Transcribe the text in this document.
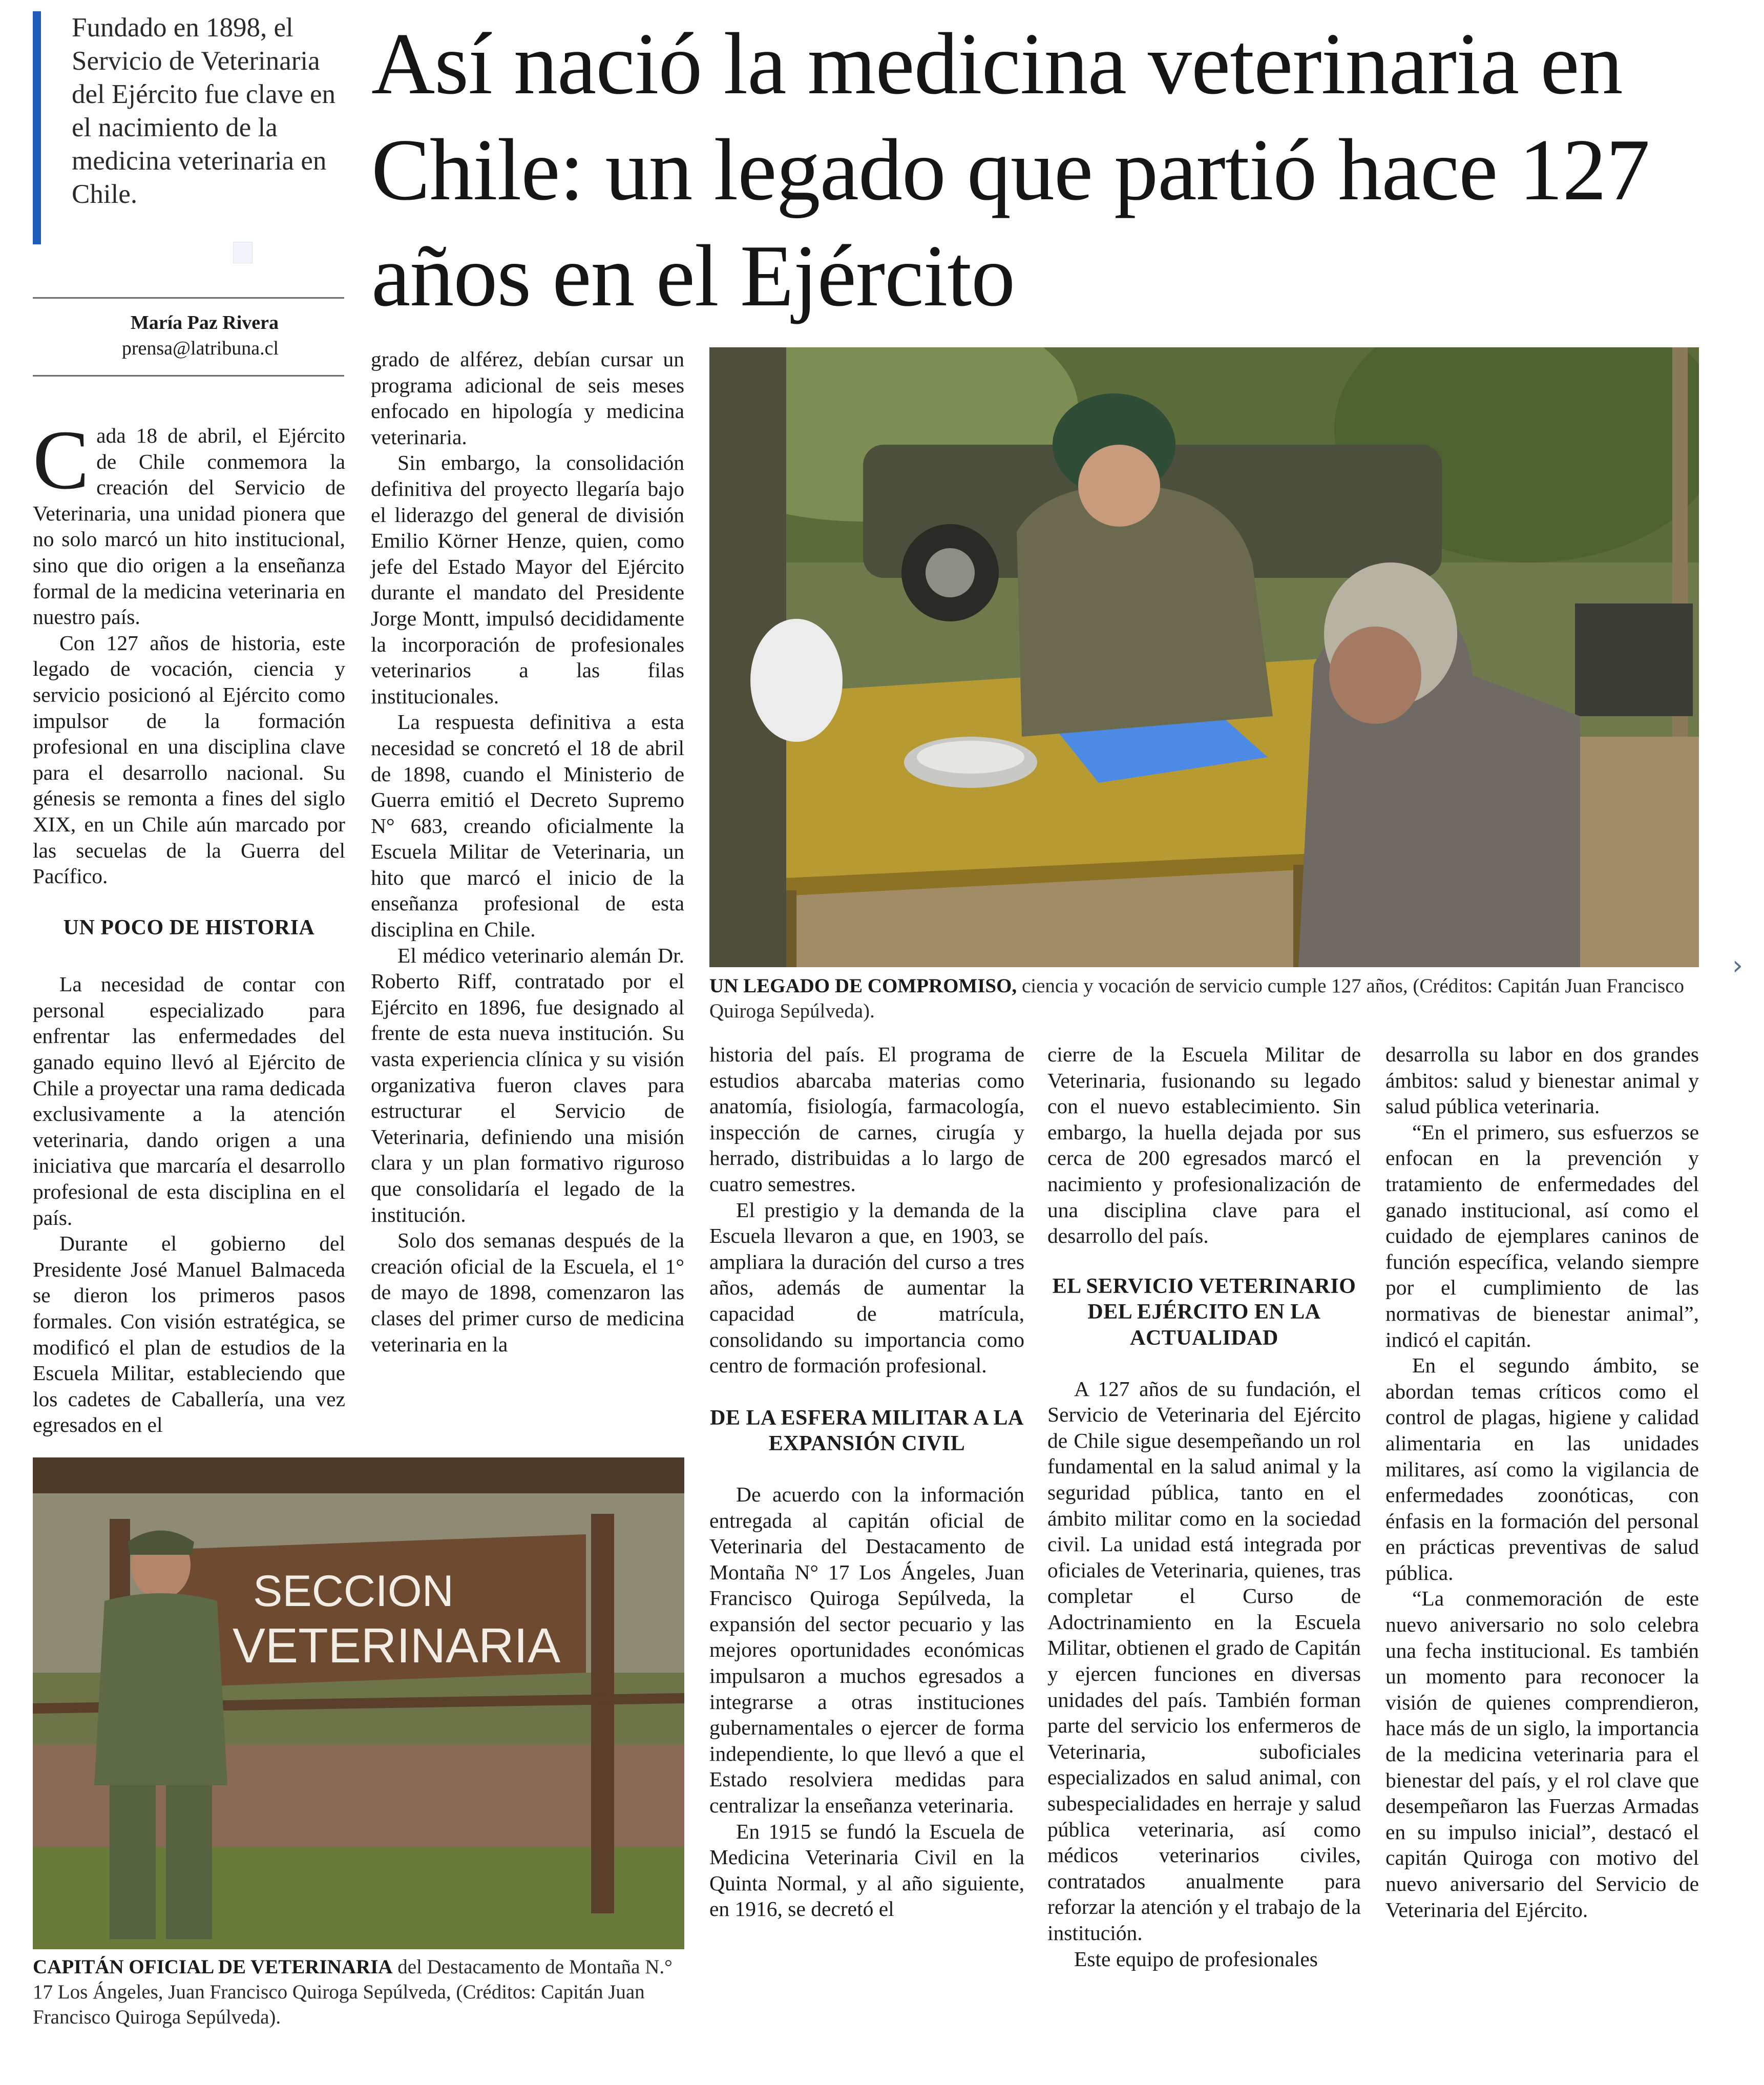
Fundado en 1898, el Servicio de Veterinaria del Ejército fue clave en el nacimiento de la medicina veterinaria en Chile.

Así nació la medicina veterinaria en Chile: un legado que partió hace 127 años en el Ejército
María Paz Rivera
prensa@latribuna.cl

Cada 18 de abril, el Ejército de Chile conmemora la creación del Servicio de Veterinaria, una unidad pionera que no solo marcó un hito institucional, sino que dio origen a la enseñanza formal de la medicina veterinaria en nuestro país.

Con 127 años de historia, este legado de vocación, ciencia y servicio posicionó al Ejército como impulsor de la formación profesional en una disciplina clave para el desarrollo nacional. Su génesis se remonta a fines del siglo XIX, en un Chile aún marcado por las secuelas de la Guerra del Pacífico.

UN POCO DE HISTORIA

La necesidad de contar con personal especializado para enfrentar las enfermedades del ganado equino llevó al Ejército de Chile a proyectar una rama dedicada exclusivamente a la atención veterinaria, dando origen a una iniciativa que marcaría el desarrollo profesional de esta disciplina en el país.

Durante el gobierno del Presidente José Manuel Balmaceda se dieron los primeros pasos formales. Con visión estratégica, se modificó el plan de estudios de la Escuela Militar, estableciendo que los cadetes de Caballería, una vez egresados en el

grado de alférez, debían cursar un programa adicional de seis meses enfocado en hipología y medicina veterinaria.

Sin embargo, la consolidación definitiva del proyecto llegaría bajo el liderazgo del general de división Emilio Körner Henze, quien, como jefe del Estado Mayor del Ejército durante el mandato del Presidente Jorge Montt, impulsó decididamente la incorporación de profesionales veterinarios a las filas institucionales.

La respuesta definitiva a esta necesidad se concretó el 18 de abril de 1898, cuando el Ministerio de Guerra emitió el Decreto Supremo N° 683, creando oficialmente la Escuela Militar de Veterinaria, un hito que marcó el inicio de la enseñanza profesional de esta disciplina en Chile.

El médico veterinario alemán Dr. Roberto Riff, contratado por el Ejército en 1896, fue designado al frente de esta nueva institución. Su vasta experiencia clínica y su visión organizativa fueron claves para estructurar el Servicio de Veterinaria, definiendo una misión clara y un plan formativo riguroso que consolidaría el legado de la institución.

Solo dos semanas después de la creación oficial de la Escuela, el 1° de mayo de 1898, comenzaron las clases del primer curso de medicina veterinaria en la

UN LEGADO DE COMPROMISO, ciencia y vocación de servicio cumple 127 años, (Créditos: Capitán Juan Francisco Quiroga Sepúlveda).

historia del país. El programa de estudios abarcaba materias como anatomía, fisiología, farmacología, inspección de carnes, cirugía y herrado, distribuidas a lo largo de cuatro semestres.

El prestigio y la demanda de la Escuela llevaron a que, en 1903, se ampliara la duración del curso a tres años, además de aumentar la capacidad de matrícula, consolidando su importancia como centro de formación profesional.

DE LA ESFERA MILITAR A LA EXPANSIÓN CIVIL

De acuerdo con la información entregada al capitán oficial de Veterinaria del Destacamento de Montaña N° 17 Los Ángeles, Juan Francisco Quiroga Sepúlveda, la expansión del sector pecuario y las mejores oportunidades económicas impulsaron a muchos egresados a integrarse a otras instituciones gubernamentales o ejercer de forma independiente, lo que llevó a que el Estado resolviera medidas para centralizar la enseñanza veterinaria.

En 1915 se fundó la Escuela de Medicina Veterinaria Civil en la Quinta Normal, y al año siguiente, en 1916, se decretó el

cierre de la Escuela Militar de Veterinaria, fusionando su legado con el nuevo establecimiento. Sin embargo, la huella dejada por sus cerca de 200 egresados marcó el nacimiento y profesionalización de una disciplina clave para el desarrollo del país.

EL SERVICIO VETERINARIO DEL EJÉRCITO EN LA ACTUALIDAD

A 127 años de su fundación, el Servicio de Veterinaria del Ejército de Chile sigue desempeñando un rol fundamental en la salud animal y la seguridad pública, tanto en el ámbito militar como en la sociedad civil. La unidad está integrada por oficiales de Veterinaria, quienes, tras completar el Curso de Adoctrinamiento en la Escuela Militar, obtienen el grado de Capitán y ejercen funciones en diversas unidades del país. También forman parte del servicio los enfermeros de Veterinaria, suboficiales especializados en salud animal, con subespecialidades en herraje y salud pública veterinaria, así como médicos veterinarios civiles, contratados anualmente para reforzar la atención y el trabajo de la institución.

Este equipo de profesionales

desarrolla su labor en dos grandes ámbitos: salud y bienestar animal y salud pública veterinaria.

“En el primero, sus esfuerzos se enfocan en la prevención y tratamiento de enfermedades del ganado institucional, así como el cuidado de ejemplares caninos de función específica, velando siempre por el cumplimiento de las normativas de bienestar animal”, indicó el capitán.

En el segundo ámbito, se abordan temas críticos como el control de plagas, higiene y calidad alimentaria en las unidades militares, así como la vigilancia de enfermedades zoonóticas, con énfasis en la formación del personal en prácticas preventivas de salud pública.

“La conmemoración de este nuevo aniversario no solo celebra una fecha institucional. Es también un momento para reconocer la visión de quienes comprendieron, hace más de un siglo, la importancia de la medicina veterinaria para el bienestar del país, y el rol clave que desempeñaron las Fuerzas Armadas en su impulso inicial”, destacó el capitán Quiroga con motivo del nuevo aniversario del Servicio de Veterinaria del Ejército.

SECCION
VETERINARIA
CAPITÁN OFICIAL DE VETERINARIA del Destacamento de Montaña N.° 17 Los Ángeles, Juan Francisco Quiroga Sepúlveda, (Créditos: Capitán Juan Francisco Quiroga Sepúlveda).
›
